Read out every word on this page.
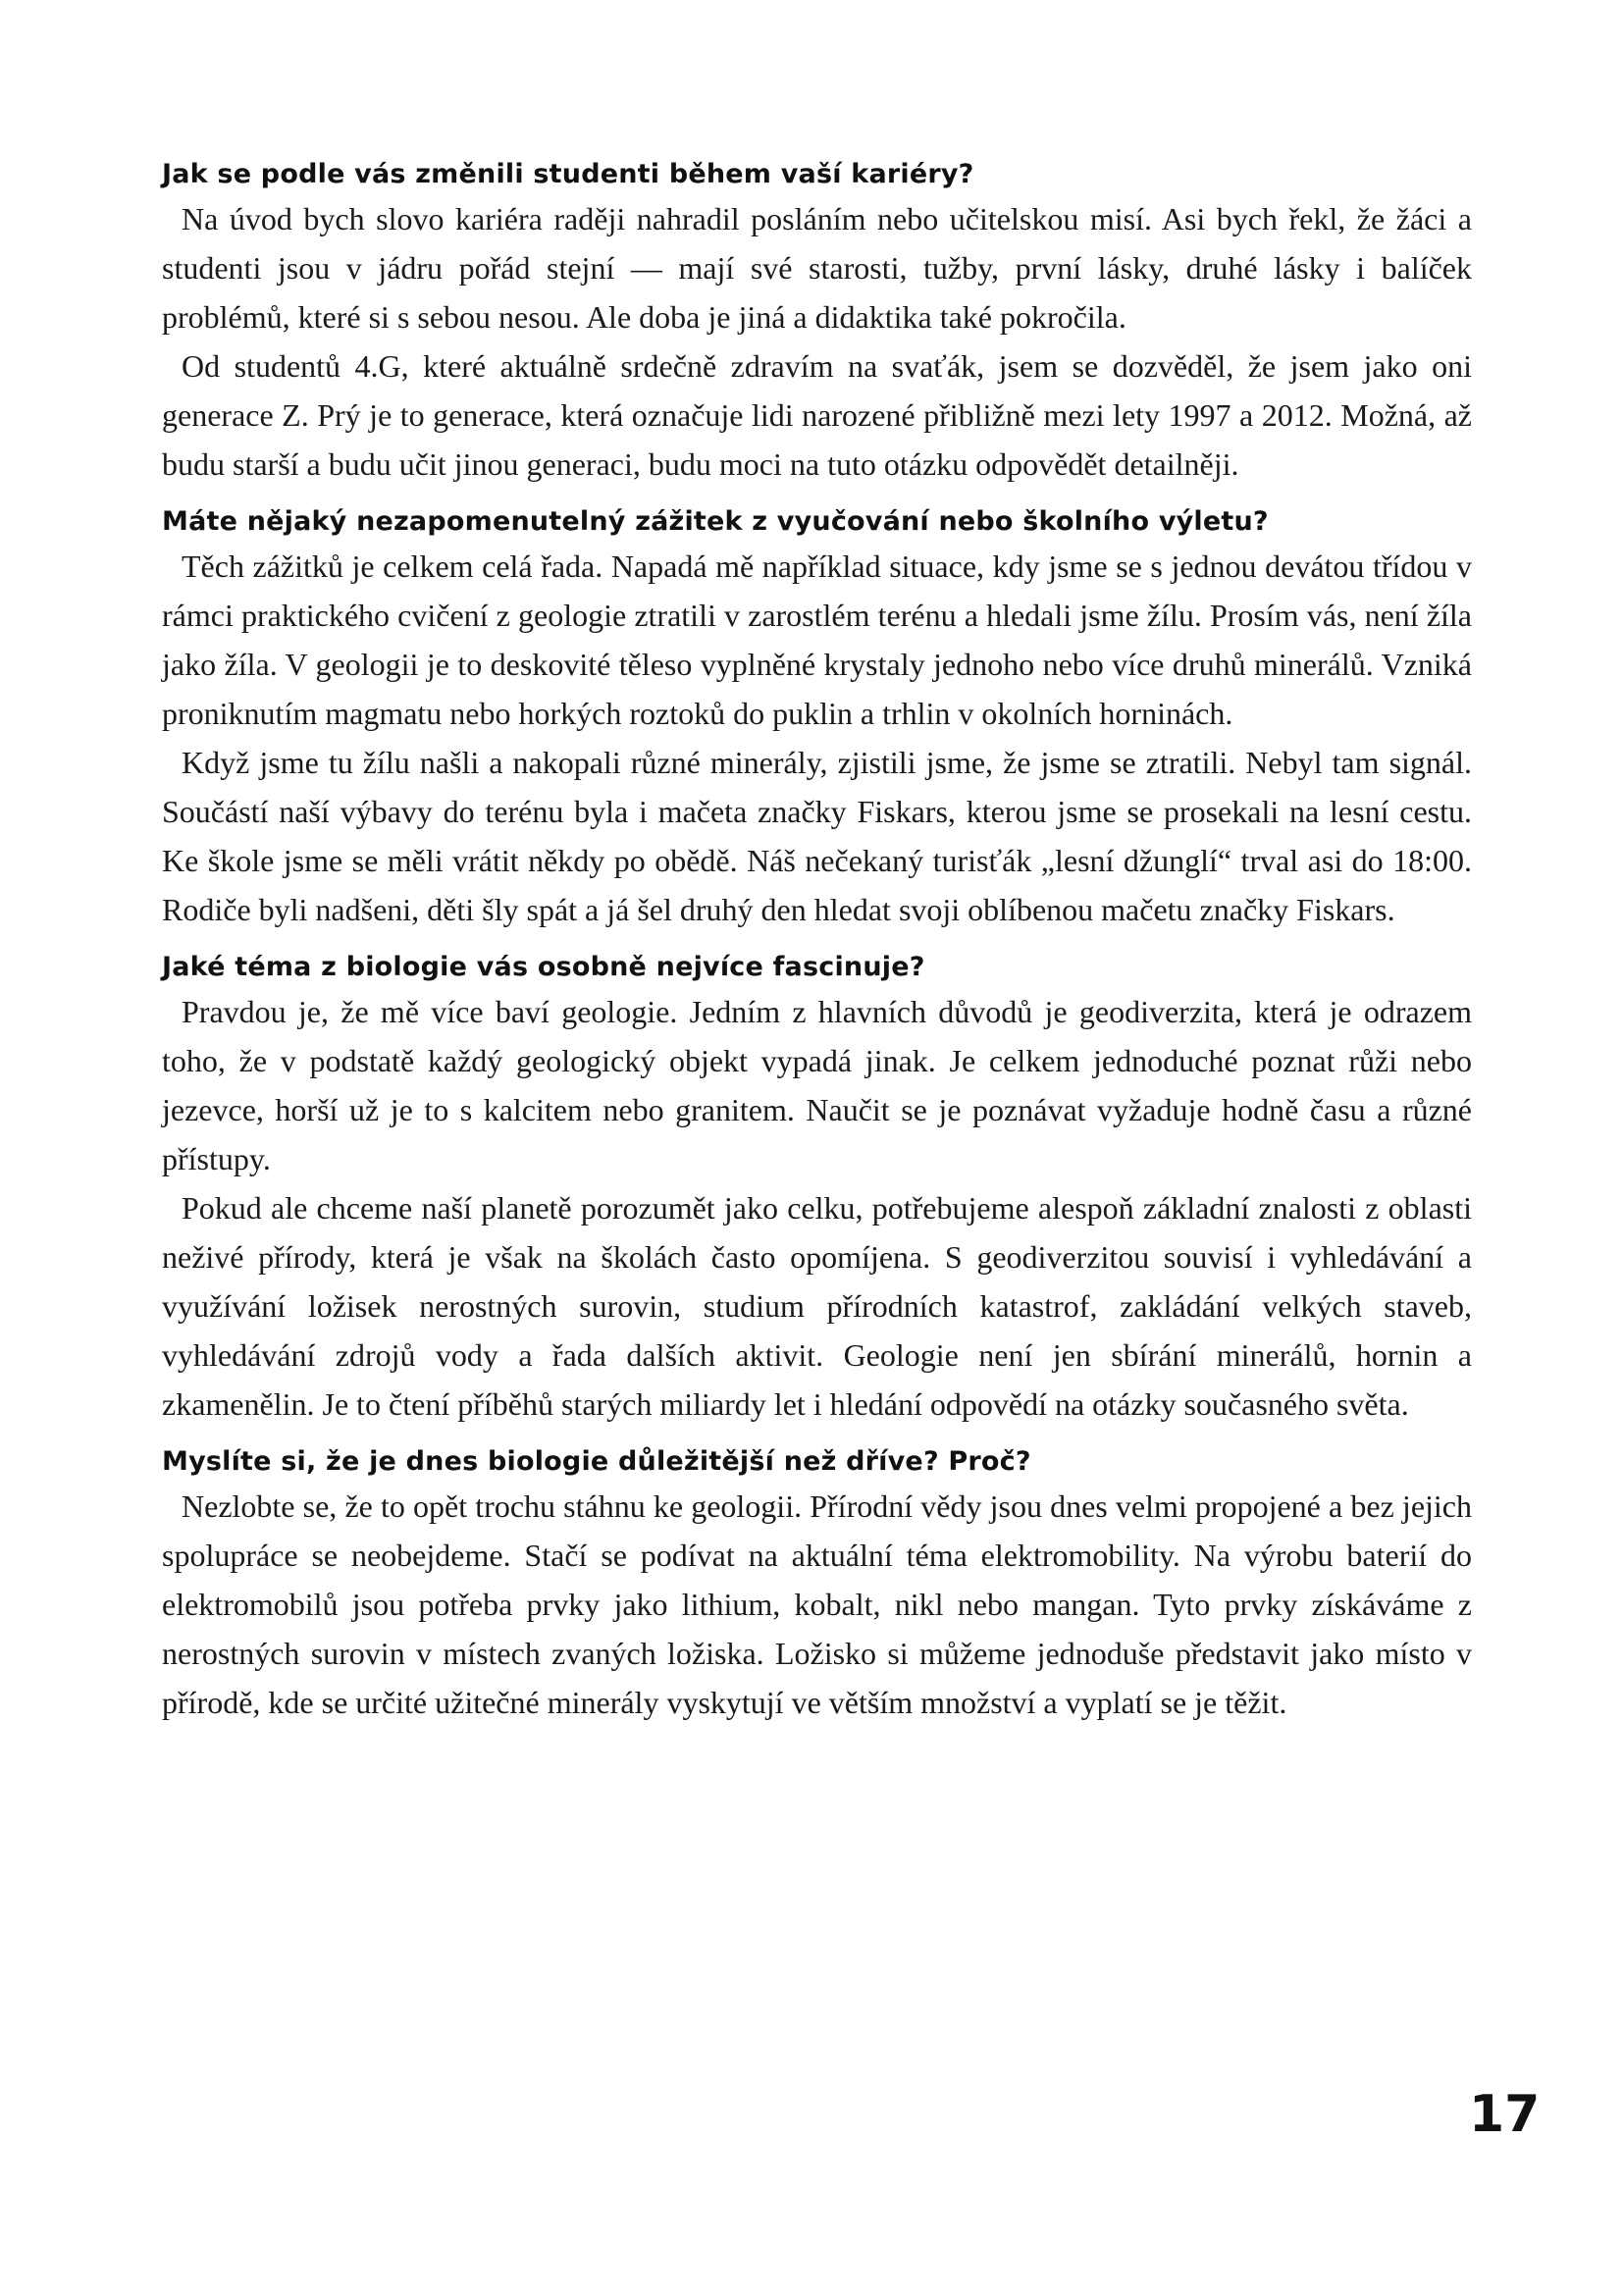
Jak se podle vás změnili studenti během vaší kariéry?

Na úvod bych slovo kariéra raději nahradil posláním nebo učitelskou misí. Asi bych řekl, že žáci a studenti jsou v jádru pořád stejní — mají své starosti, tužby, první lásky, druhé lásky i balíček problémů, které si s sebou nesou. Ale doba je jiná a didaktika také pokročila.

Od studentů 4.G, které aktuálně srdečně zdravím na svaťák, jsem se dozvěděl, že jsem jako oni generace Z. Prý je to generace, která označuje lidi narozené přibližně mezi lety 1997 a 2012. Možná, až budu starší a budu učit jinou generaci, budu moci na tuto otázku odpovědět detailněji.

Máte nějaký nezapomenutelný zážitek z vyučování nebo školního výletu?

Těch zážitků je celkem celá řada. Napadá mě například situace, kdy jsme se s jednou devátou třídou v rámci praktického cvičení z geologie ztratili v zarostlém terénu a hledali jsme žílu. Prosím vás, není žíla jako žíla. V geologii je to deskovité těleso vyplněné krystaly jednoho nebo více druhů minerálů. Vzniká proniknutím magmatu nebo horkých roztoků do puklin a trhlin v okolních horninách.

Když jsme tu žílu našli a nakopali různé minerály, zjistili jsme, že jsme se ztratili. Nebyl tam signál. Součástí naší výbavy do terénu byla i mačeta značky Fiskars, kterou jsme se prosekali na lesní cestu. Ke škole jsme se měli vrátit někdy po obědě. Náš nečekaný turisťák „lesní džunglí“ trval asi do 18:00. Rodiče byli nadšeni, děti šly spát a já šel druhý den hledat svoji oblíbenou mačetu značky Fiskars.

Jaké téma z biologie vás osobně nejvíce fascinuje?

Pravdou je, že mě více baví geologie. Jedním z hlavních důvodů je geodiverzita, která je odrazem toho, že v podstatě každý geologický objekt vypadá jinak. Je celkem jednoduché poznat růži nebo jezevce, horší už je to s kalcitem nebo granitem. Naučit se je poznávat vyžaduje hodně času a různé přístupy.

Pokud ale chceme naší planetě porozumět jako celku, potřebujeme alespoň základní znalosti z oblasti neživé přírody, která je však na školách často opomíjena. S geodiverzitou souvisí i vyhledávání a využívání ložisek nerostných surovin, studium přírodních katastrof, zakládání velkých staveb, vyhledávání zdrojů vody a řada dalších aktivit. Geologie není jen sbírání minerálů, hornin a zkamenělin. Je to čtení příběhů starých miliardy let i hledání odpovědí na otázky současného světa.

Myslíte si, že je dnes biologie důležitější než dříve? Proč?

Nezlobte se, že to opět trochu stáhnu ke geologii. Přírodní vědy jsou dnes velmi propojené a bez jejich spolupráce se neobejdeme. Stačí se podívat na aktuální téma elektromobility. Na výrobu baterií do elektromobilů jsou potřeba prvky jako lithium, kobalt, nikl nebo mangan. Tyto prvky získáváme z nerostných surovin v místech zvaných ložiska. Ložisko si můžeme jednoduše představit jako místo v přírodě, kde se určité užitečné minerály vyskytují ve větším množství a vyplatí se je těžit.

17
